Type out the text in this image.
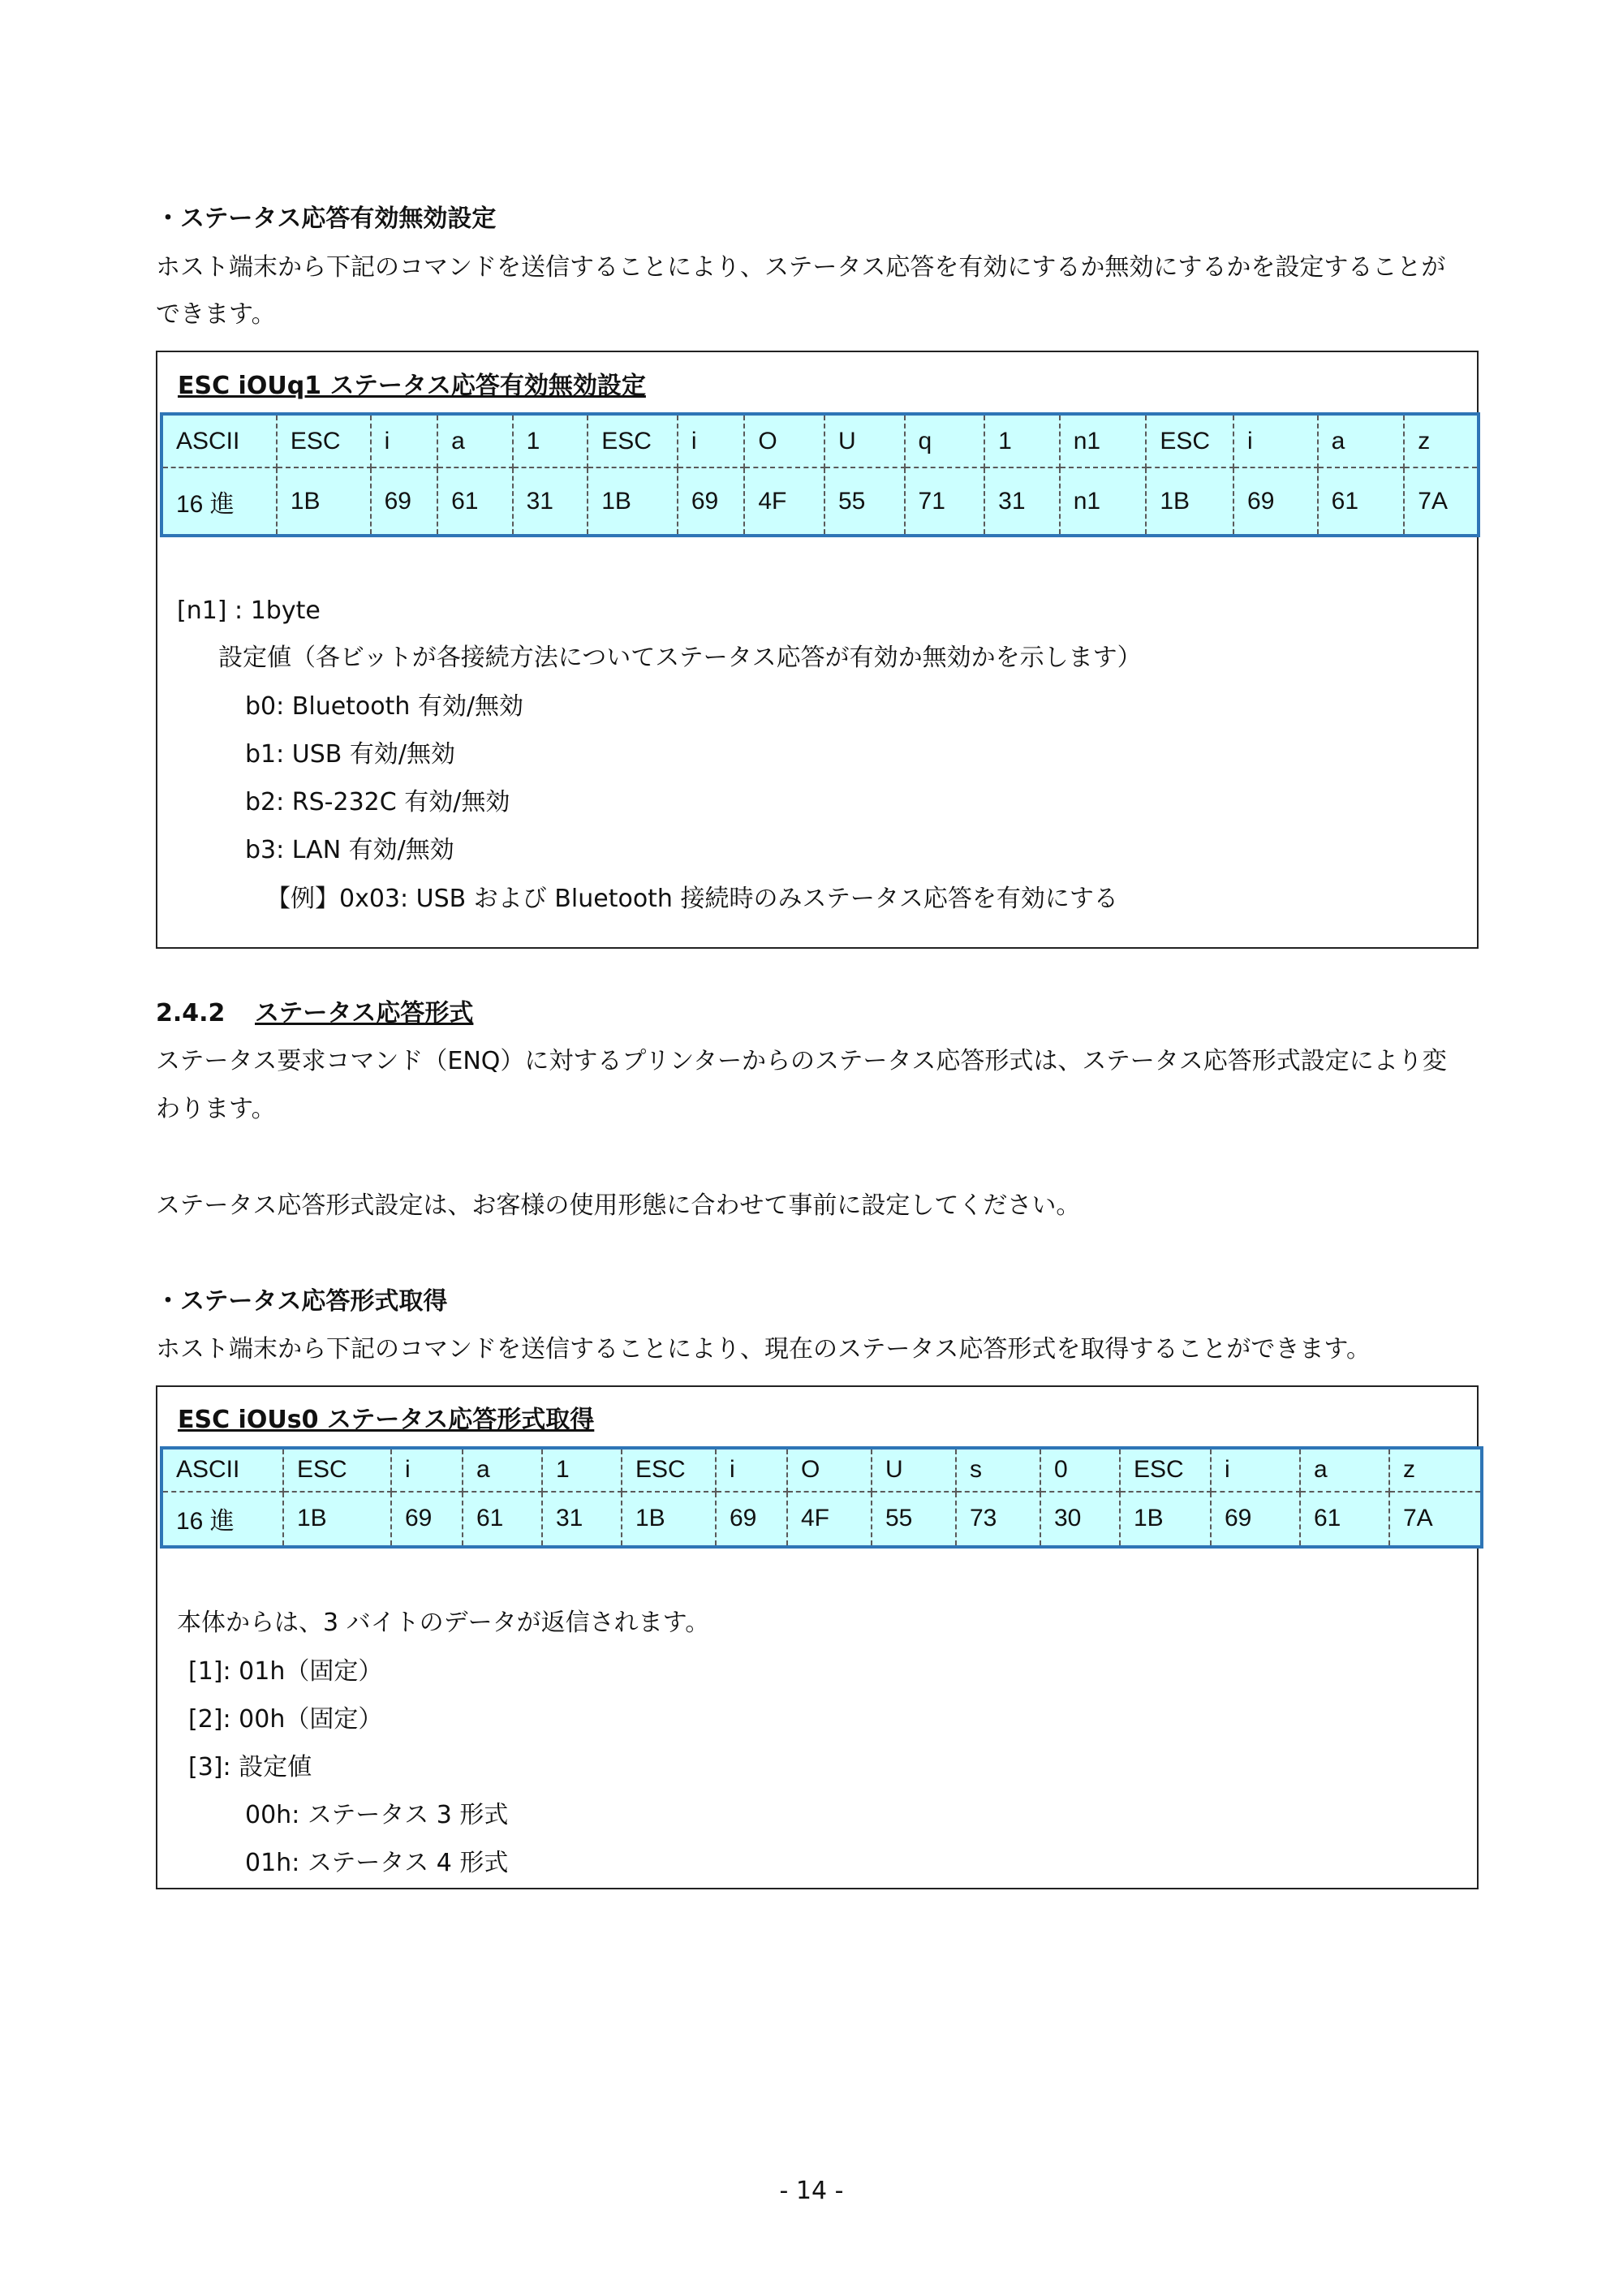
・ステータス応答有効無効設定
ホスト端末から下記のコマンドを送信することにより、ステータス応答を有効にするか無効にするかを設定することが
できます。
ESC iOUq1 ステータス応答有効無効設定
ASCII	ESC	i	a	1	ESC	i	O	U	q	1	n1	ESC	i	a	z
16 進	1B	69	61	31	1B	69	4F	55	71	31	n1	1B	69	61	7A
[n1] : 1byte
設定値（各ビットが各接続方法についてステータス応答が有効か無効かを示します）
b0: Bluetooth 有効/無効
b1: USB 有効/無効
b2: RS-232C 有効/無効
b3: LAN 有効/無効
【例】0x03: USB および Bluetooth 接続時のみステータス応答を有効にする
2.4.2 ステータス応答形式
ステータス要求コマンド（ENQ）に対するプリンターからのステータス応答形式は、ステータス応答形式設定により変
わります。
ステータス応答形式設定は、お客様の使用形態に合わせて事前に設定してください。
・ステータス応答形式取得
ホスト端末から下記のコマンドを送信することにより、現在のステータス応答形式を取得することができます。
ESC iOUs0 ステータス応答形式取得
ASCII	ESC	i	a	1	ESC	i	O	U	s	0	ESC	i	a	z
16 進	1B	69	61	31	1B	69	4F	55	73	30	1B	69	61	7A
本体からは、3 バイトのデータが返信されます。
[1]: 01h（固定）
[2]: 00h（固定）
[3]: 設定値
00h: ステータス 3 形式
01h: ステータス 4 形式
- 14 -
